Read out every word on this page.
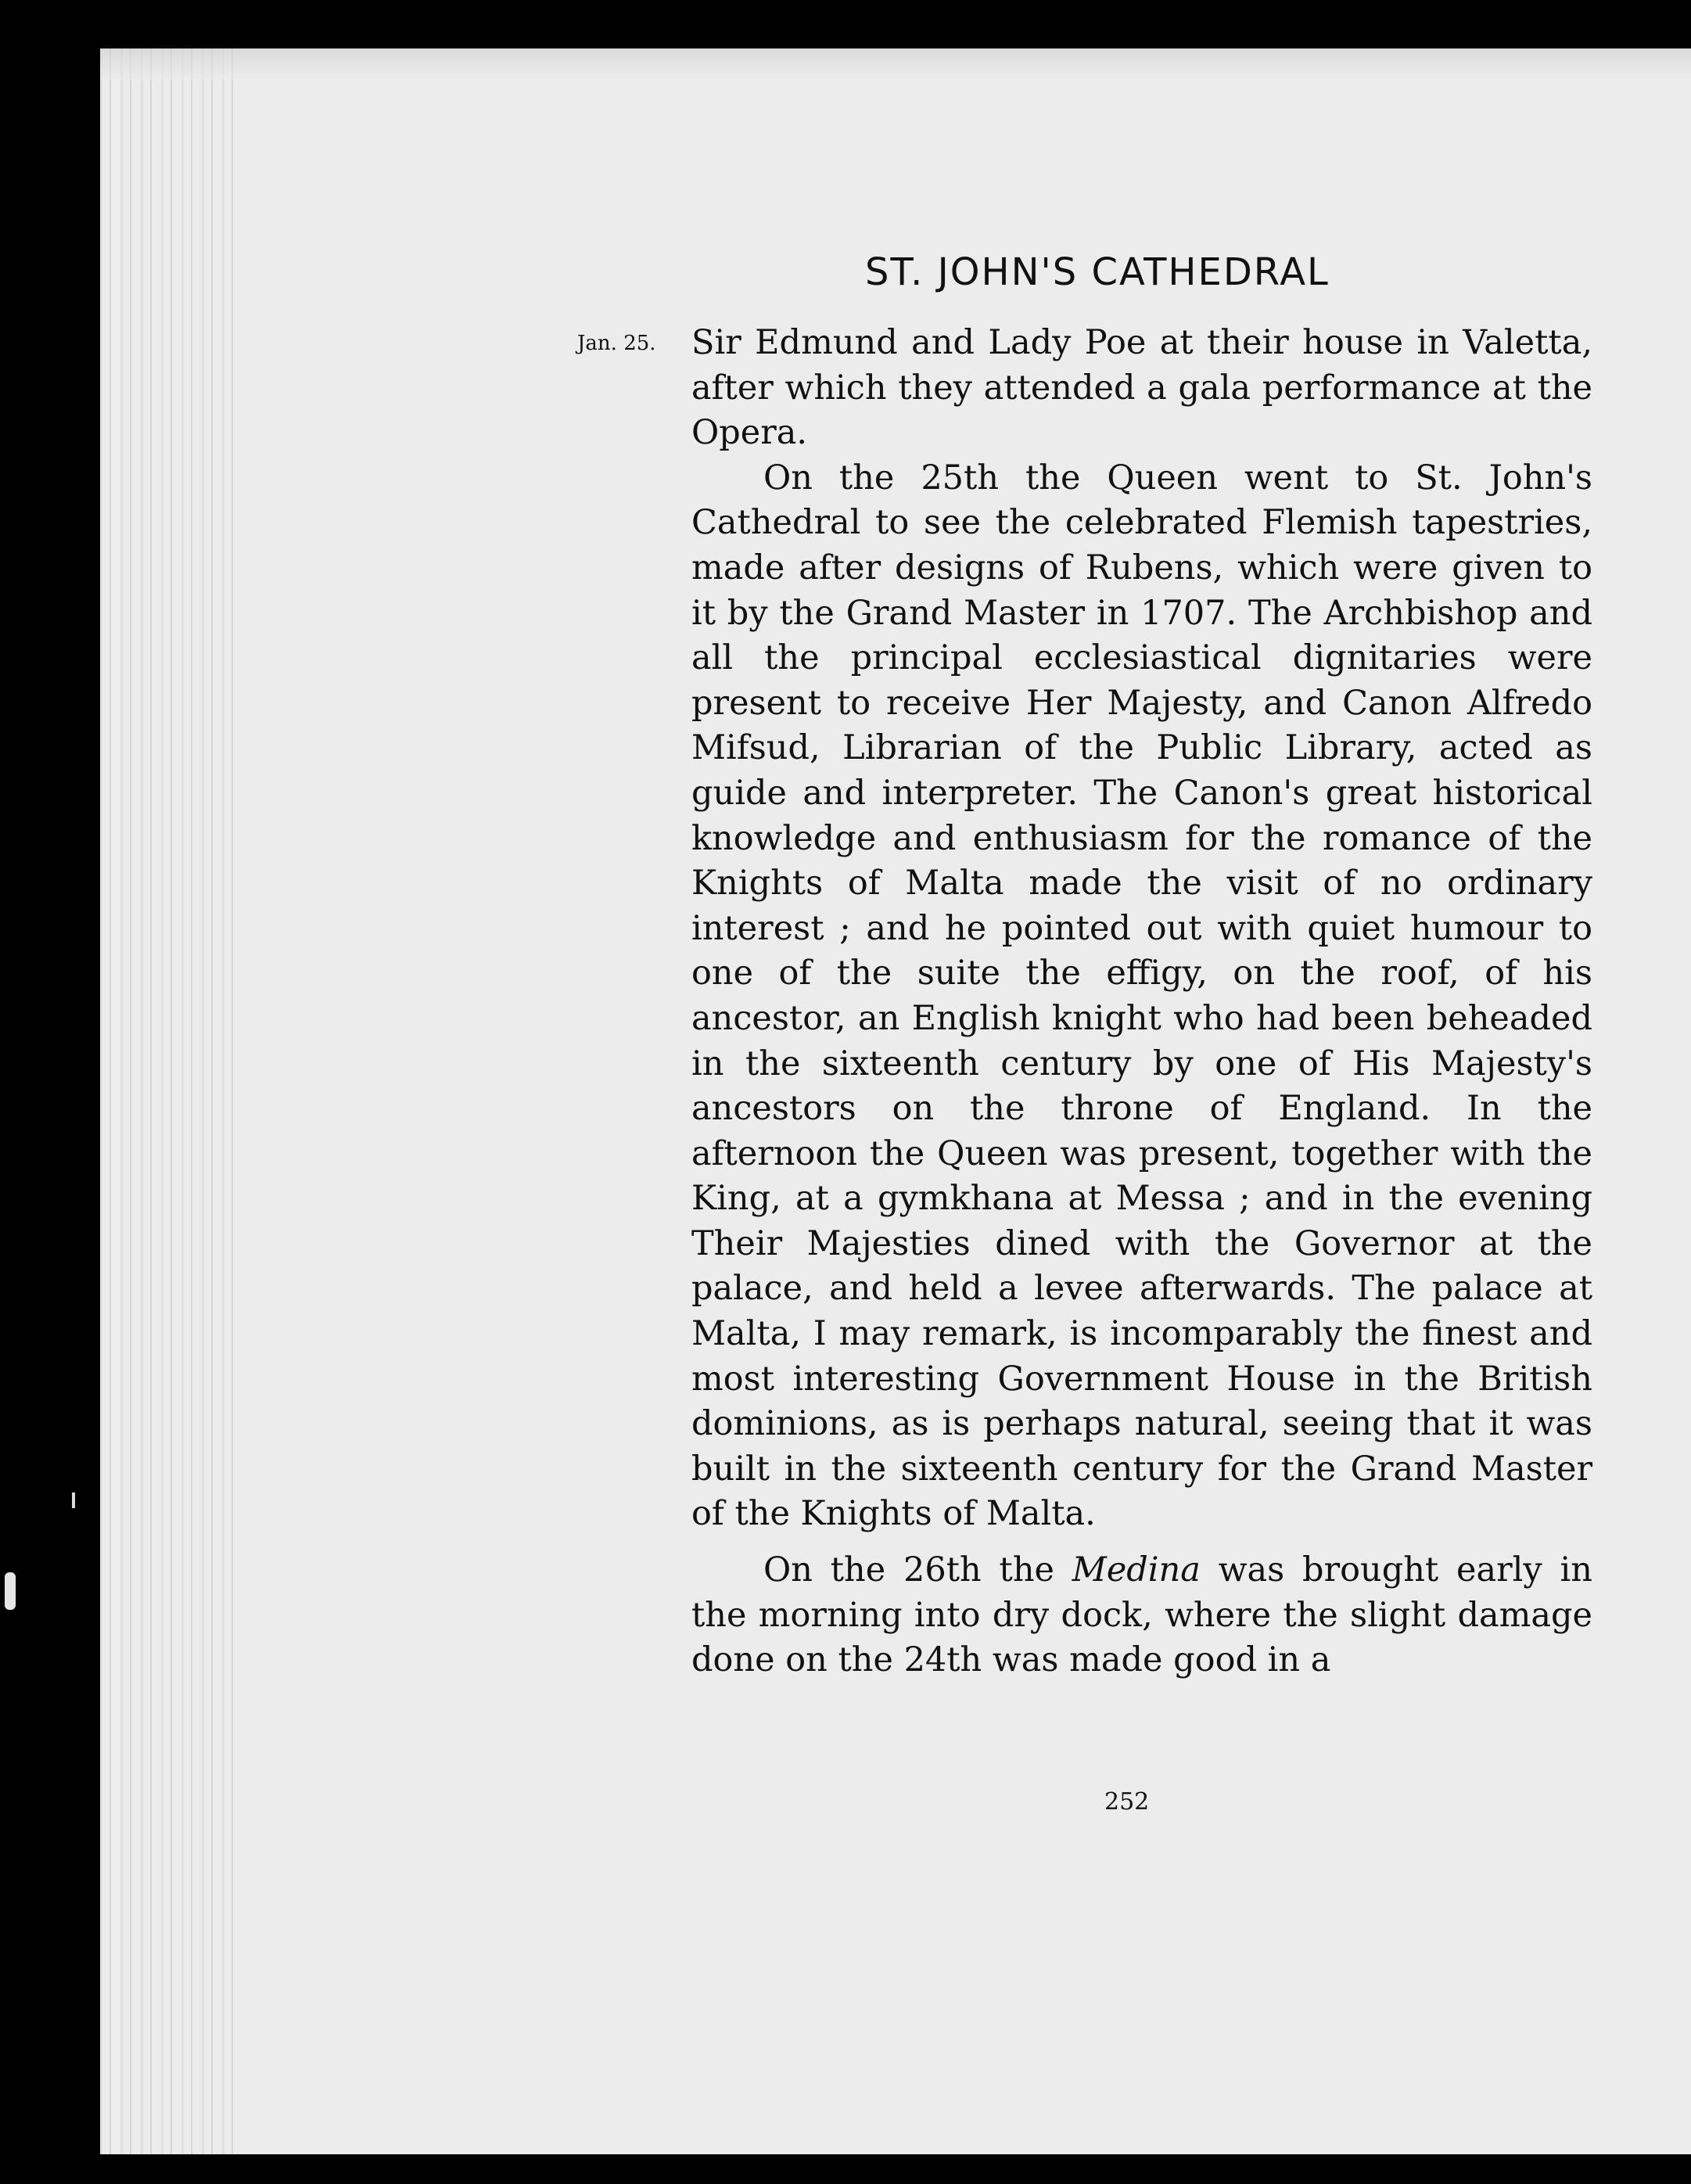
ST. JOHN'S CATHEDRAL
Jan. 25. Sir Edmund and Lady Poe at their house in Valetta, after which they attended a gala performance at the Opera.

On the 25th the Queen went to St. John's Cathedral to see the celebrated Flemish tapestries, made after designs of Rubens, which were given to it by the Grand Master in 1707. The Archbishop and all the principal ecclesiastical dignitaries were present to receive Her Majesty, and Canon Alfredo Mifsud, Librarian of the Public Library, acted as guide and interpreter. The Canon's great historical knowledge and enthusiasm for the romance of the Knights of Malta made the visit of no ordinary interest ; and he pointed out with quiet humour to one of the suite the effigy, on the roof, of his ancestor, an English knight who had been beheaded in the sixteenth century by one of His Majesty's ancestors on the throne of England. In the afternoon the Queen was present, together with the King, at a gymkhana at Messa ; and in the evening Their Majesties dined with the Governor at the palace, and held a levee afterwards. The palace at Malta, I may remark, is incomparably the finest and most interesting Government House in the British dominions, as is perhaps natural, seeing that it was built in the sixteenth century for the Grand Master of the Knights of Malta.

On the 26th the Medina was brought early in the morning into dry dock, where the slight damage done on the 24th was made good in a

252
